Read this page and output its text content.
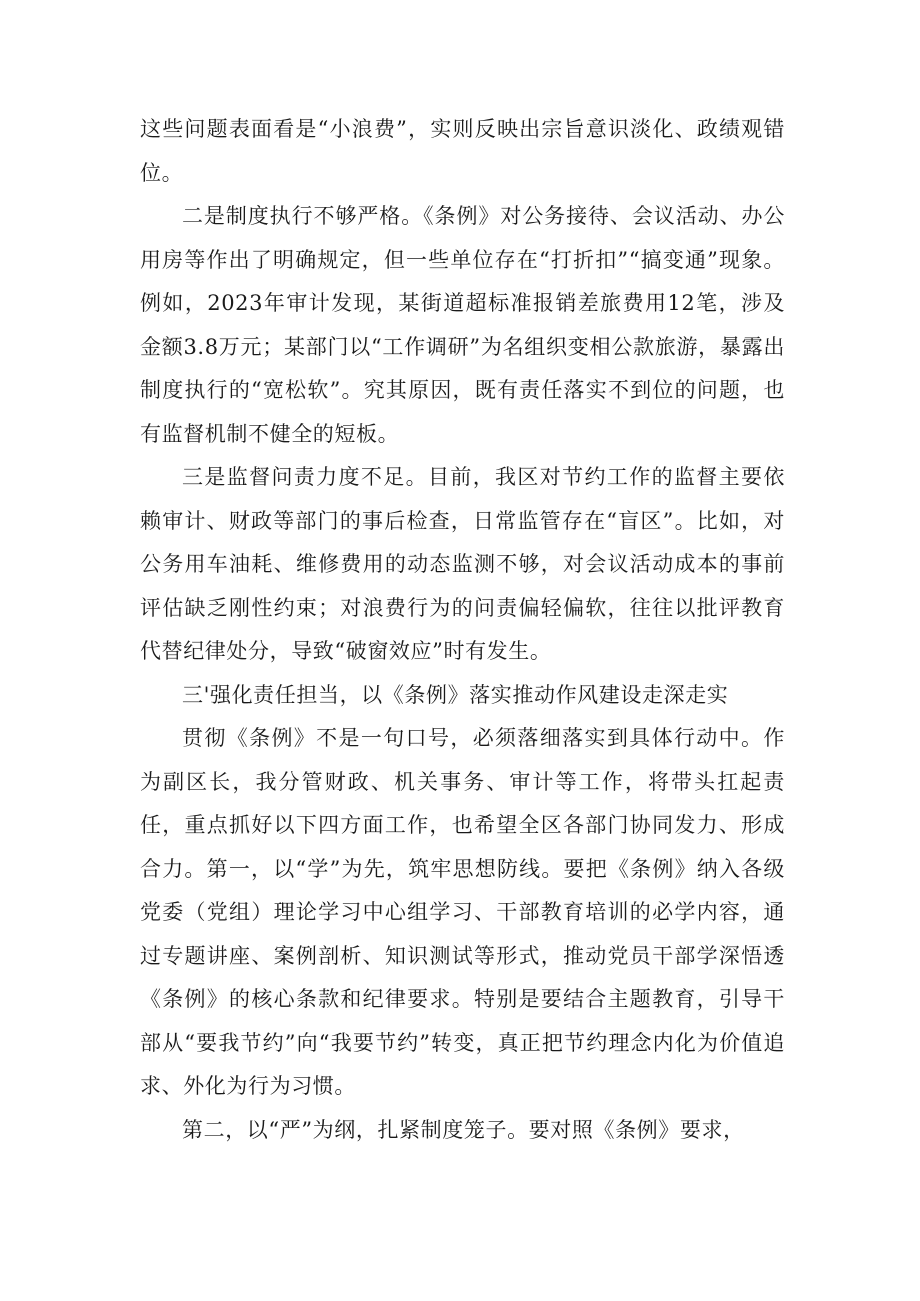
这些问题表面看是“小浪费”，实则反映出宗旨意识淡化、政绩观错位。

二是制度执行不够严格。《条例》对公务接待、会议活动、办公用房等作出了明确规定，但一些单位存在“打折扣”“搞变通”现象。例如，2023年审计发现，某街道超标准报销差旅费用12笔，涉及金额3.8万元；某部门以“工作调研”为名组织变相公款旅游，暴露出制度执行的“宽松软”。究其原因，既有责任落实不到位的问题，也有监督机制不健全的短板。

三是监督问责力度不足。目前，我区对节约工作的监督主要依赖审计、财政等部门的事后检查，日常监管存在“盲区”。比如，对公务用车油耗、维修费用的动态监测不够，对会议活动成本的事前评估缺乏刚性约束；对浪费行为的问责偏轻偏软，往往以批评教育代替纪律处分，导致“破窗效应”时有发生。

三'强化责任担当，以《条例》落实推动作风建设走深走实

贯彻《条例》不是一句口号，必须落细落实到具体行动中。作为副区长，我分管财政、机关事务、审计等工作，将带头扛起责任，重点抓好以下四方面工作，也希望全区各部门协同发力、形成合力。第一，以“学”为先，筑牢思想防线。要把《条例》纳入各级党委（党组）理论学习中心组学习、干部教育培训的必学内容，通过专题讲座、案例剖析、知识测试等形式，推动党员干部学深悟透《条例》的核心条款和纪律要求。特别是要结合主题教育，引导干部从“要我节约”向“我要节约”转变，真正把节约理念内化为价值追求、外化为行为习惯。

第二，以“严”为纲，扎紧制度笼子。要对照《条例》要求，
